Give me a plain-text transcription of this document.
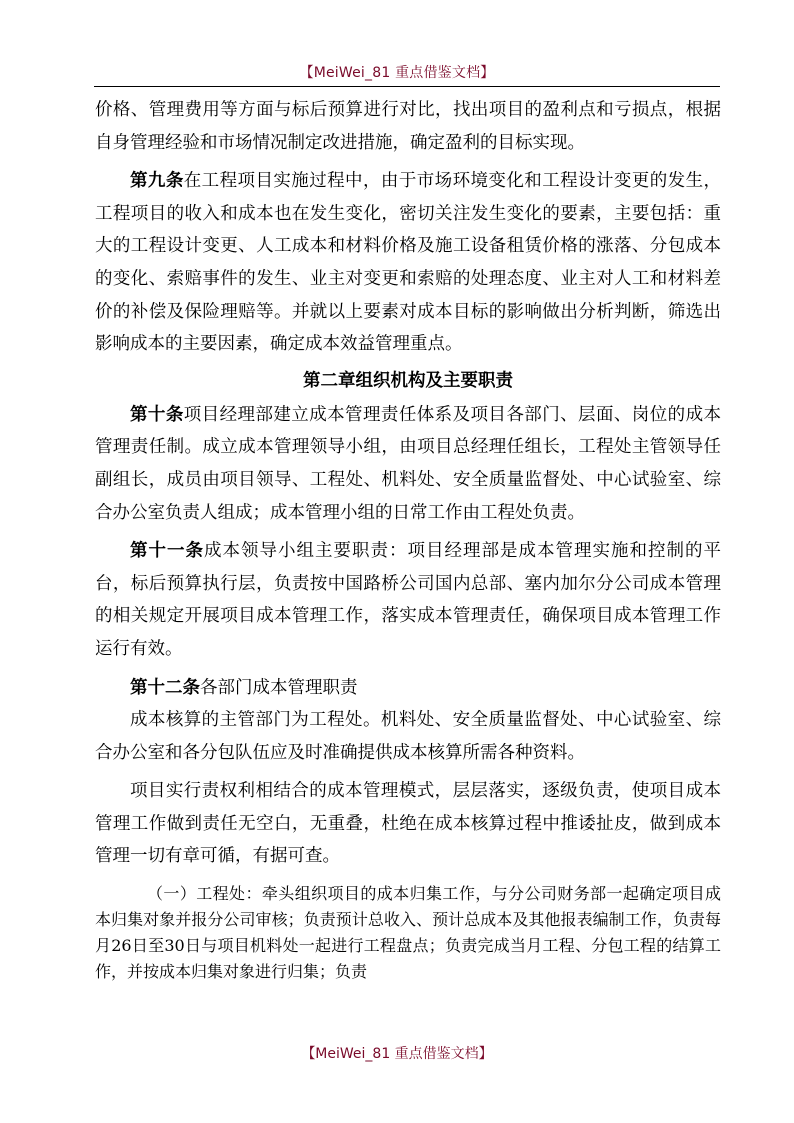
【MeiWei_81 重点借鉴文档】

价格、管理费用等方面与标后预算进行对比，找出项目的盈利点和亏损点，根据自身管理经验和市场情况制定改进措施，确定盈利的目标实现。

第九条在工程项目实施过程中，由于市场环境变化和工程设计变更的发生，工程项目的收入和成本也在发生变化，密切关注发生变化的要素，主要包括：重大的工程设计变更、人工成本和材料价格及施工设备租赁价格的涨落、分包成本的变化、索赔事件的发生、业主对变更和索赔的处理态度、业主对人工和材料差价的补偿及保险理赔等。并就以上要素对成本目标的影响做出分析判断，筛选出影响成本的主要因素，确定成本效益管理重点。

第二章组织机构及主要职责

第十条项目经理部建立成本管理责任体系及项目各部门、层面、岗位的成本管理责任制。成立成本管理领导小组，由项目总经理任组长，工程处主管领导任副组长，成员由项目领导、工程处、机料处、安全质量监督处、中心试验室、综合办公室负责人组成；成本管理小组的日常工作由工程处负责。

第十一条成本领导小组主要职责：项目经理部是成本管理实施和控制的平台，标后预算执行层，负责按中国路桥公司国内总部、塞内加尔分公司成本管理的相关规定开展项目成本管理工作，落实成本管理责任，确保项目成本管理工作运行有效。

第十二条各部门成本管理职责

成本核算的主管部门为工程处。机料处、安全质量监督处、中心试验室、综合办公室和各分包队伍应及时准确提供成本核算所需各种资料。

项目实行责权利相结合的成本管理模式，层层落实，逐级负责，使项目成本管理工作做到责任无空白，无重叠，杜绝在成本核算过程中推诿扯皮，做到成本管理一切有章可循，有据可查。

（一）工程处：牵头组织项目的成本归集工作，与分公司财务部一起确定项目成本归集对象并报分公司审核；负责预计总收入、预计总成本及其他报表编制工作，负责每月26日至30日与项目机料处一起进行工程盘点；负责完成当月工程、分包工程的结算工作，并按成本归集对象进行归集；负责

【MeiWei_81 重点借鉴文档】
